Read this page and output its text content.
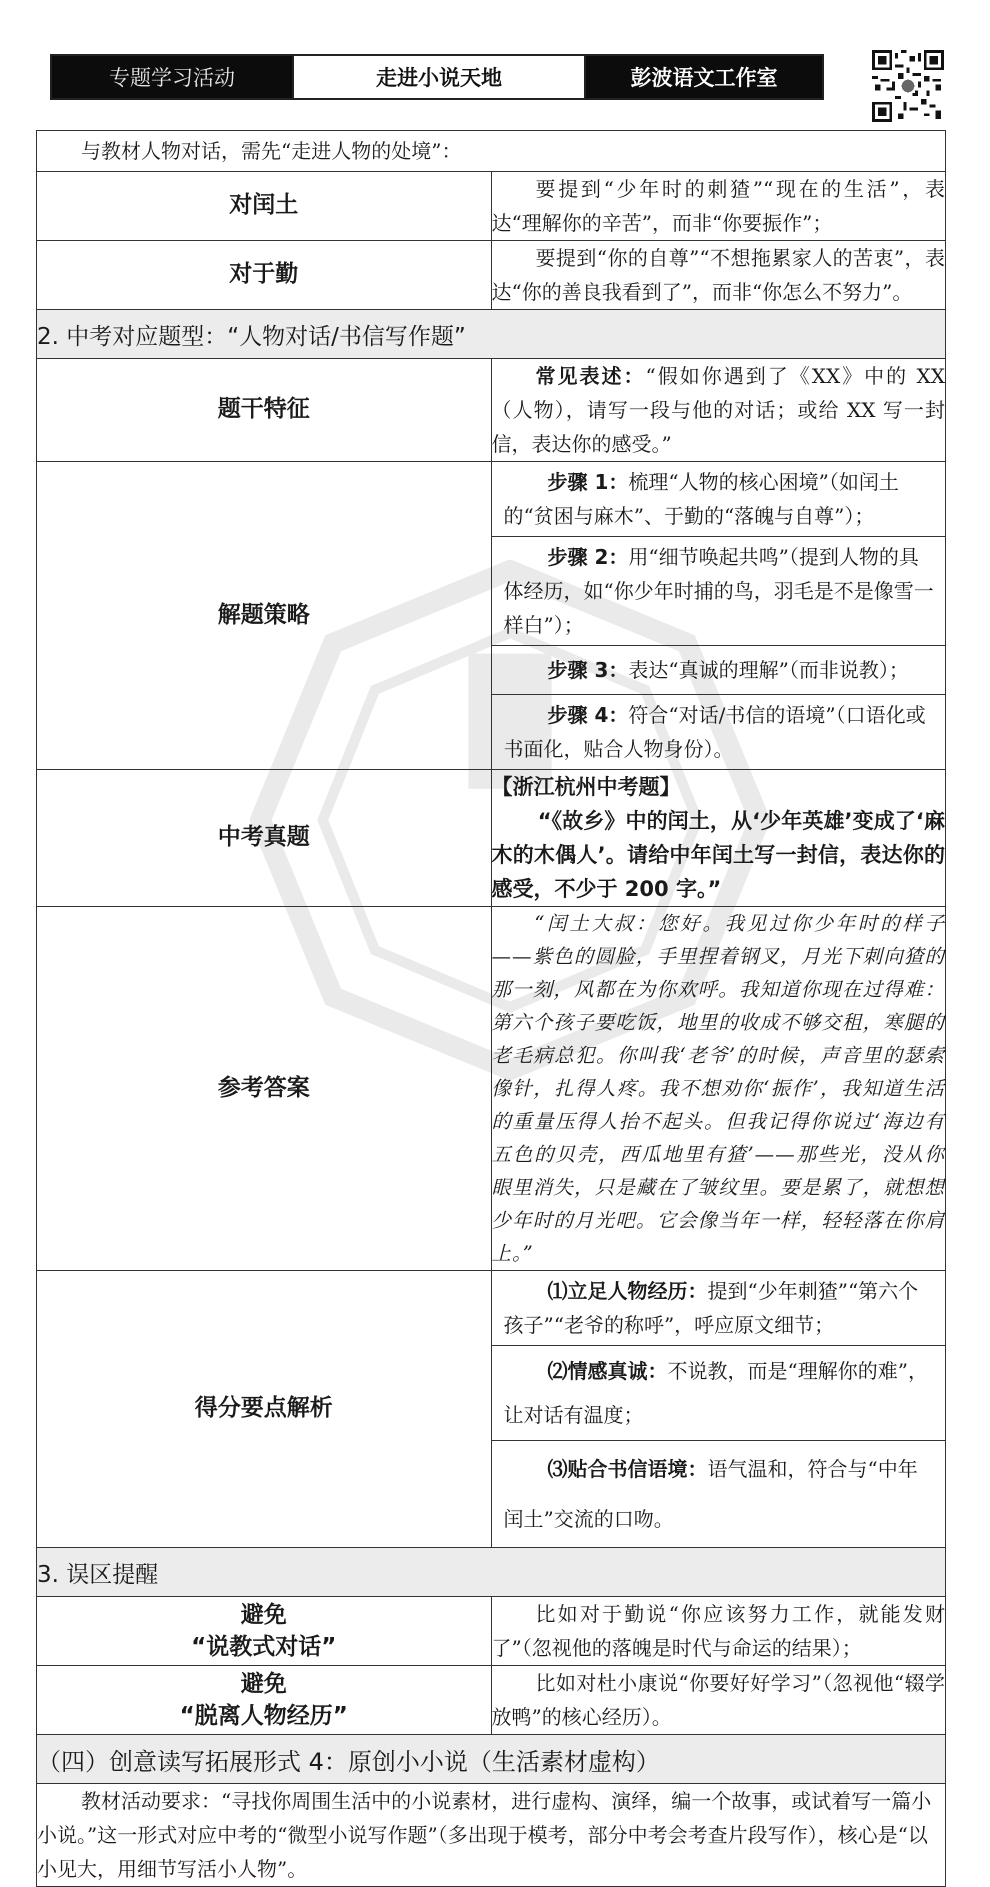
专题学习活动	走进小说天地	彭波语文工作室
与教材人物对话，需先“走进人物的处境”：	
对闰土	要提到“少年时的刺猹”“现在的生活”，表达“理解你的辛苦”，而非“你要振作”；
对于勤	要提到“你的自尊”“不想拖累家人的苦衷”，表达“你的善良我看到了”，而非“你怎么不努力”。
2. 中考对应题型：“人物对话/书信写作题”	
题干特征	常见表述：“假如你遇到了《XX》中的 XX（人物），请写一段与他的对话；或给 XX 写一封信，表达你的感受。”
解题策略	步骤 1：梳理“人物的核心困境”（如闰土的“贫困与麻木”、于勤的“落魄与自尊”）；
步骤 2：用“细节唤起共鸣”（提到人物的具体经历，如“你少年时捕的鸟，羽毛是不是像雪一样白”）；
步骤 3：表达“真诚的理解”（而非说教）；
步骤 4：符合“对话/书信的语境”（口语化或书面化，贴合人物身份）。

中考真题	【浙江杭州中考题】
“《故乡》中的闰土，从‘少年英雄’变成了‘麻木的木偶人’。请给中年闰土写一封信，表达你的感受，不少于 200 字。”

参考答案	“闰土大叔：您好。我见过你少年时的样子——紫色的圆脸，手里捏着钢叉，月光下刺向猹的那一刻，风都在为你欢呼。我知道你现在过得难：第六个孩子要吃饭，地里的收成不够交租，寒腿的老毛病总犯。你叫我‘老爷’的时候，声音里的瑟索像针，扎得人疼。我不想劝你‘振作’，我知道生活的重量压得人抬不起头。但我记得你说过‘海边有五色的贝壳，西瓜地里有猹’——那些光，没从你眼里消失，只是藏在了皱纹里。要是累了，就想想少年时的月光吧。它会像当年一样，轻轻落在你肩上。”
得分要点解析	⑴立足人物经历：提到“少年刺猹”“第六个孩子”“老爷的称呼”，呼应原文细节；
⑵情感真诚：不说教，而是“理解你的难”，让对话有温度；
⑶贴合书信语境：语气温和，符合与“中年闰土”交流的口吻。

3. 误区提醒	

避免
“说教式对话”	比如对于勤说“你应该努力工作，就能发财了”（忽视他的落魄是时代与命运的结果）；

避免
“脱离人物经历”	比如对杜小康说“你要好好学习”（忽视他“辍学放鸭”的核心经历）。
（四）创意读写拓展形式 4：原创小小说（生活素材虚构）	
教材活动要求：“寻找你周围生活中的小说素材，进行虚构、演绎，编一个故事，或试着写一篇小小说。”这一形式对应中考的“微型小说写作题”（多出现于模考，部分中考会考查片段写作），核心是“以小见大，用细节写活小人物”。	
